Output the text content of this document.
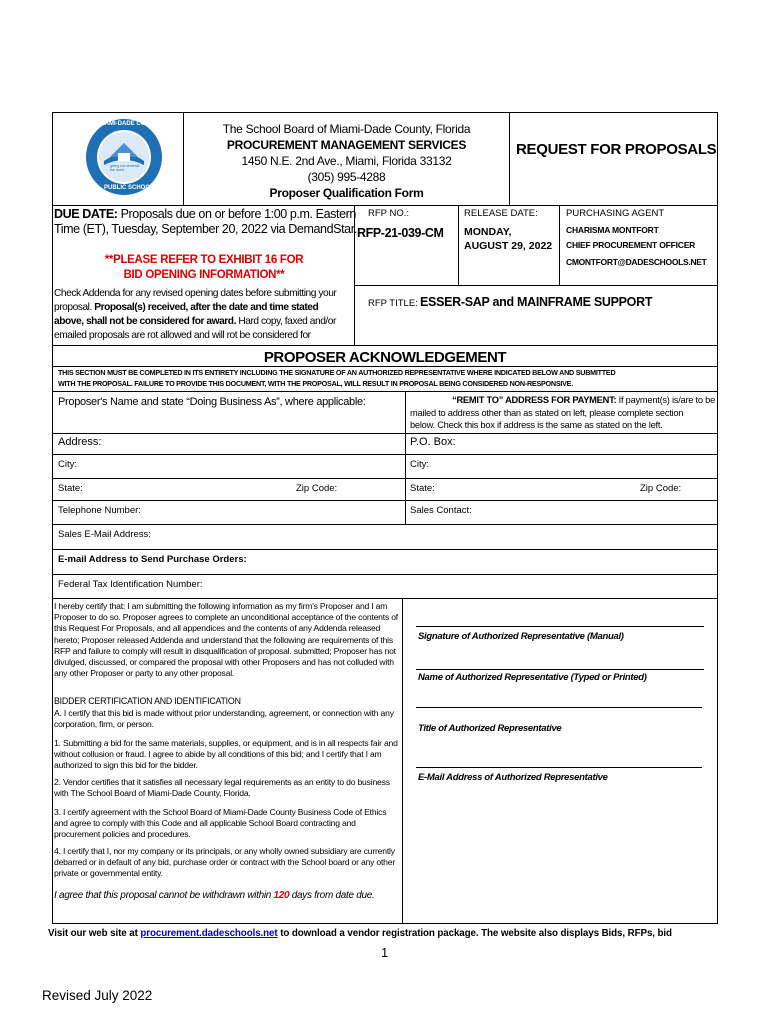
MIAMI-DADE COUNTY
PUBLIC SCHOOLS
giving our students the world
The School Board of Miami-Dade County, Florida
PROCUREMENT MANAGEMENT SERVICES
1450 N.E. 2nd Ave., Miami, Florida 33132
(305) 995-4288
Proposer Qualification Form
REQUEST FOR PROPOSALS
DUE DATE: Proposals due on or before 1:00 p.m. Eastern
Time (ET), Tuesday, September 20, 2022 via DemandStar.
**PLEASE REFER TO EXHIBIT 16 FOR
BID OPENING INFORMATION**
Check Addenda for any revised opening dates before submitting your
proposal. Proposal(s) received, after the date and time stated
above, shall not be considered for award. Hard copy, faxed and/or
emailed proposals are rot allowed and will rot be considered for
RFP NO.:
RFP-21-039-CM
RELEASE DATE:
MONDAY,
AUGUST 29, 2022
PURCHASING AGENT
CHARISMA MONTFORT
CHIEF PROCUREMENT OFFICER
CMONTFORT@DADESCHOOLS.NET
RFP TITLE: ESSER-SAP and MAINFRAME SUPPORT
PROPOSER ACKNOWLEDGEMENT
THIS SECTION MUST BE COMPLETED IN ITS ENTIRETY INCLUDING THE SIGNATURE OF AN AUTHORIZED REPRESENTATIVE WHERE INDICATED BELOW AND SUBMITTED
WITH THE PROPOSAL. FAILURE TO PROVIDE THIS DOCUMENT, WITH THE PROPOSAL, WILL RESULT IN PROPOSAL BEING CONSIDERED NON-RESPONSIVE.
Proposer's Name and state “Doing Business As”, where applicable:	“REMIT TO” ADDRESS FOR PAYMENT: If payment(s) is/are to be
mailed to address other than as stated on left, please complete section
below. Check this box if address is the same as stated on the left.
Address:	P.O. Box:
City:	City:
State:	Zip Code:	State:	Zip Code:
Telephone Number:	Sales Contact:
Sales E-Mail Address:
E-mail Address to Send Purchase Orders:
Federal Tax Identification Number:
I hereby certify that: I am submitting the following information as my firm's Proposer and I am Proposer to do so. Proposer agrees to complete an unconditional acceptance of the contents of this Request For Proposals, and all appendices and the contents of any Addenda released hereto; Proposer released Addenda and understand that the following are requirements of this RFP and failure to comply will result in disqualification of proposal. submitted; Proposer has not divulged, discussed, or compared the proposal with other Proposers and has not colluded with any other Proposer or party to any other proposal.
BIDDER CERTIFICATION AND IDENTIFICATION
A. I certify that this bid is made without prior understanding, agreement, or connection with any corporation, firm, or person.
1. Submitting a bid for the same materials, supplies, or equipment, and is in all respects fair and without collusion or fraud. I agree to abide by all conditions of this bid; and I certify that I am authorized to sign this bid for the bidder.
2. Vendor certifies that it satisfies all necessary legal requirements as an entity to do business with The School Board of Miami-Dade County, Florida.
3. I certify agreement with the School Board of Miami-Dade County Business Code of Ethics and agree to comply with this Code and all applicable School Board contracting and procurement policies and procedures.
4. I certify that I, nor my company or its principals, or any wholly owned subsidiary are currently debarred or in default of any bid, purchase order or contract with the School board or any other private or governmental entity.
I agree that this proposal cannot be withdrawn within 120 days from date due.
Signature of Authorized Representative (Manual)
Name of Authorized Representative (Typed or Printed)
Title of Authorized Representative
E-Mail Address of Authorized Representative
Visit our web site at procurement.dadeschools.net to download a vendor registration package. The website also displays Bids, RFPs, bid
1
Revised July 2022
